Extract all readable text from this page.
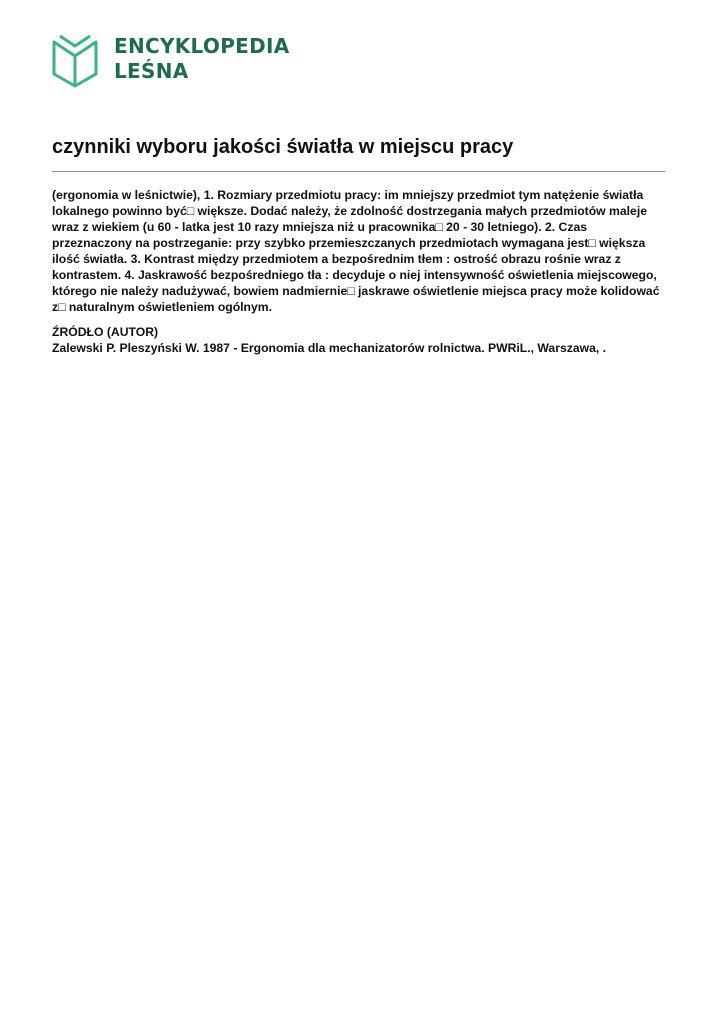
ENCYKLOPEDIA
LEŚNA
czynniki wyboru jakości światła w miejscu pracy

(ergonomia w leśnictwie), 1. Rozmiary przedmiotu pracy: im mniejszy przedmiot tym natężenie światła
lokalnego powinno być□ większe. Dodać należy, że zdolność dostrzegania małych przedmiotów maleje
wraz z wiekiem (u 60 - latka jest 10 razy mniejsza niż u pracownika□ 20 - 30 letniego). 2. Czas
przeznaczony na postrzeganie: przy szybko przemieszczanych przedmiotach wymagana jest□ większa
ilość światła. 3. Kontrast między przedmiotem a bezpośrednim tłem : ostrość obrazu rośnie wraz z
kontrastem. 4. Jaskrawość bezpośredniego tła : decyduje o niej intensywność oświetlenia miejscowego,
którego nie należy nadużywać, bowiem nadmiernie□ jaskrawe oświetlenie miejsca pracy może kolidować
z□ naturalnym oświetleniem ogólnym.

ŹRÓDŁO (AUTOR)
Zalewski P. Pleszyński W. 1987 - Ergonomia dla mechanizatorów rolnictwa. PWRiL., Warszawa, .
